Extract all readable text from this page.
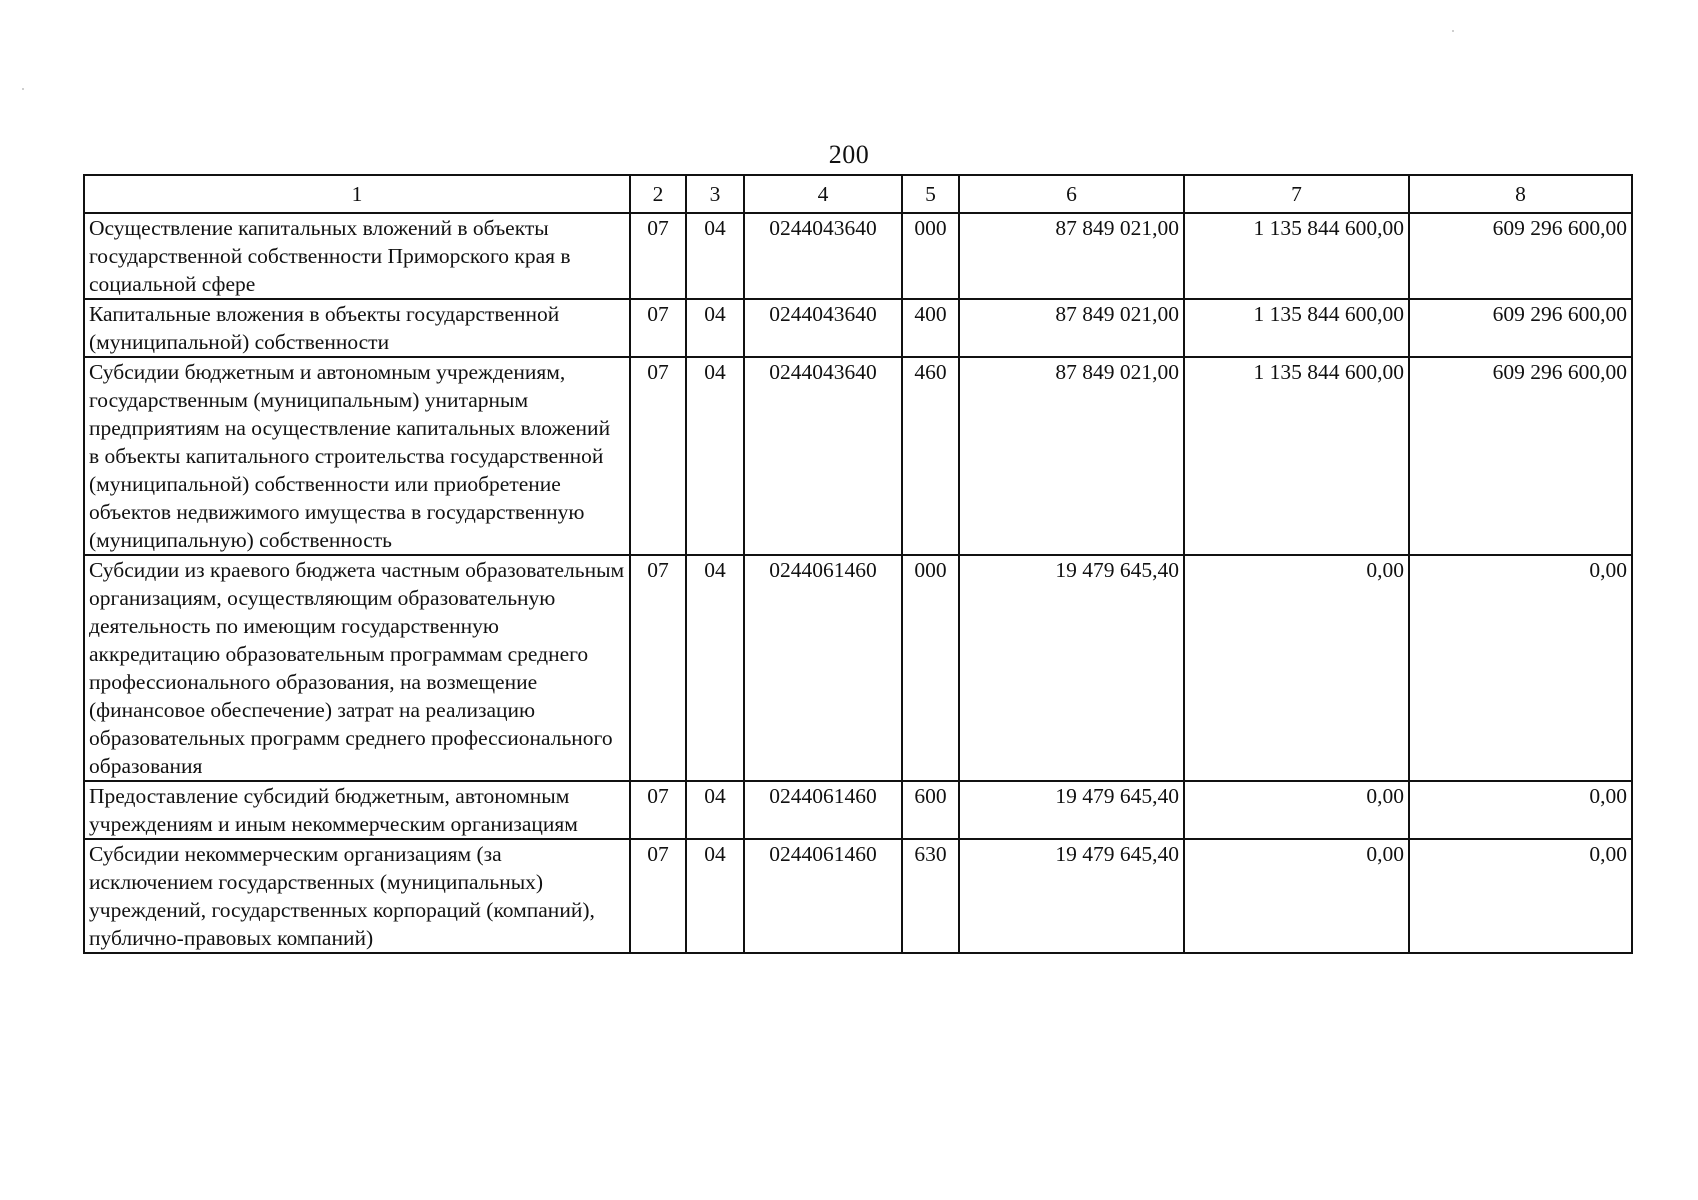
200
1	2	3	4	5	6	7	8
Осуществление капитальных вложений в объекты государственной собственности Приморского края в социальной сфере	07	04	0244043640	000	87 849 021,00	1 135 844 600,00	609 296 600,00
Капитальные вложения в объекты государственной (муниципальной) собственности	07	04	0244043640	400	87 849 021,00	1 135 844 600,00	609 296 600,00
Субсидии бюджетным и автономным учреждениям, государственным (муниципальным) унитарным предприятиям на осуществление капитальных вложений в объекты капитального строительства государственной (муниципальной) собственности или приобретение объектов недвижимого имущества в государственную (муниципальную) собственность	07	04	0244043640	460	87 849 021,00	1 135 844 600,00	609 296 600,00
Субсидии из краевого бюджета частным образовательным организациям, осуществляющим образовательную деятельность по имеющим государственную аккредитацию образовательным программам среднего профессионального образования, на возмещение (финансовое обеспечение) затрат на реализацию образовательных программ среднего профессионального образования	07	04	0244061460	000	19 479 645,40	0,00	0,00
Предоставление субсидий бюджетным, автономным учреждениям и иным некоммерческим организациям	07	04	0244061460	600	19 479 645,40	0,00	0,00
Субсидии некоммерческим организациям (за исключением государственных (муниципальных) учреждений, государственных корпораций (компаний), публично-правовых компаний)	07	04	0244061460	630	19 479 645,40	0,00	0,00
